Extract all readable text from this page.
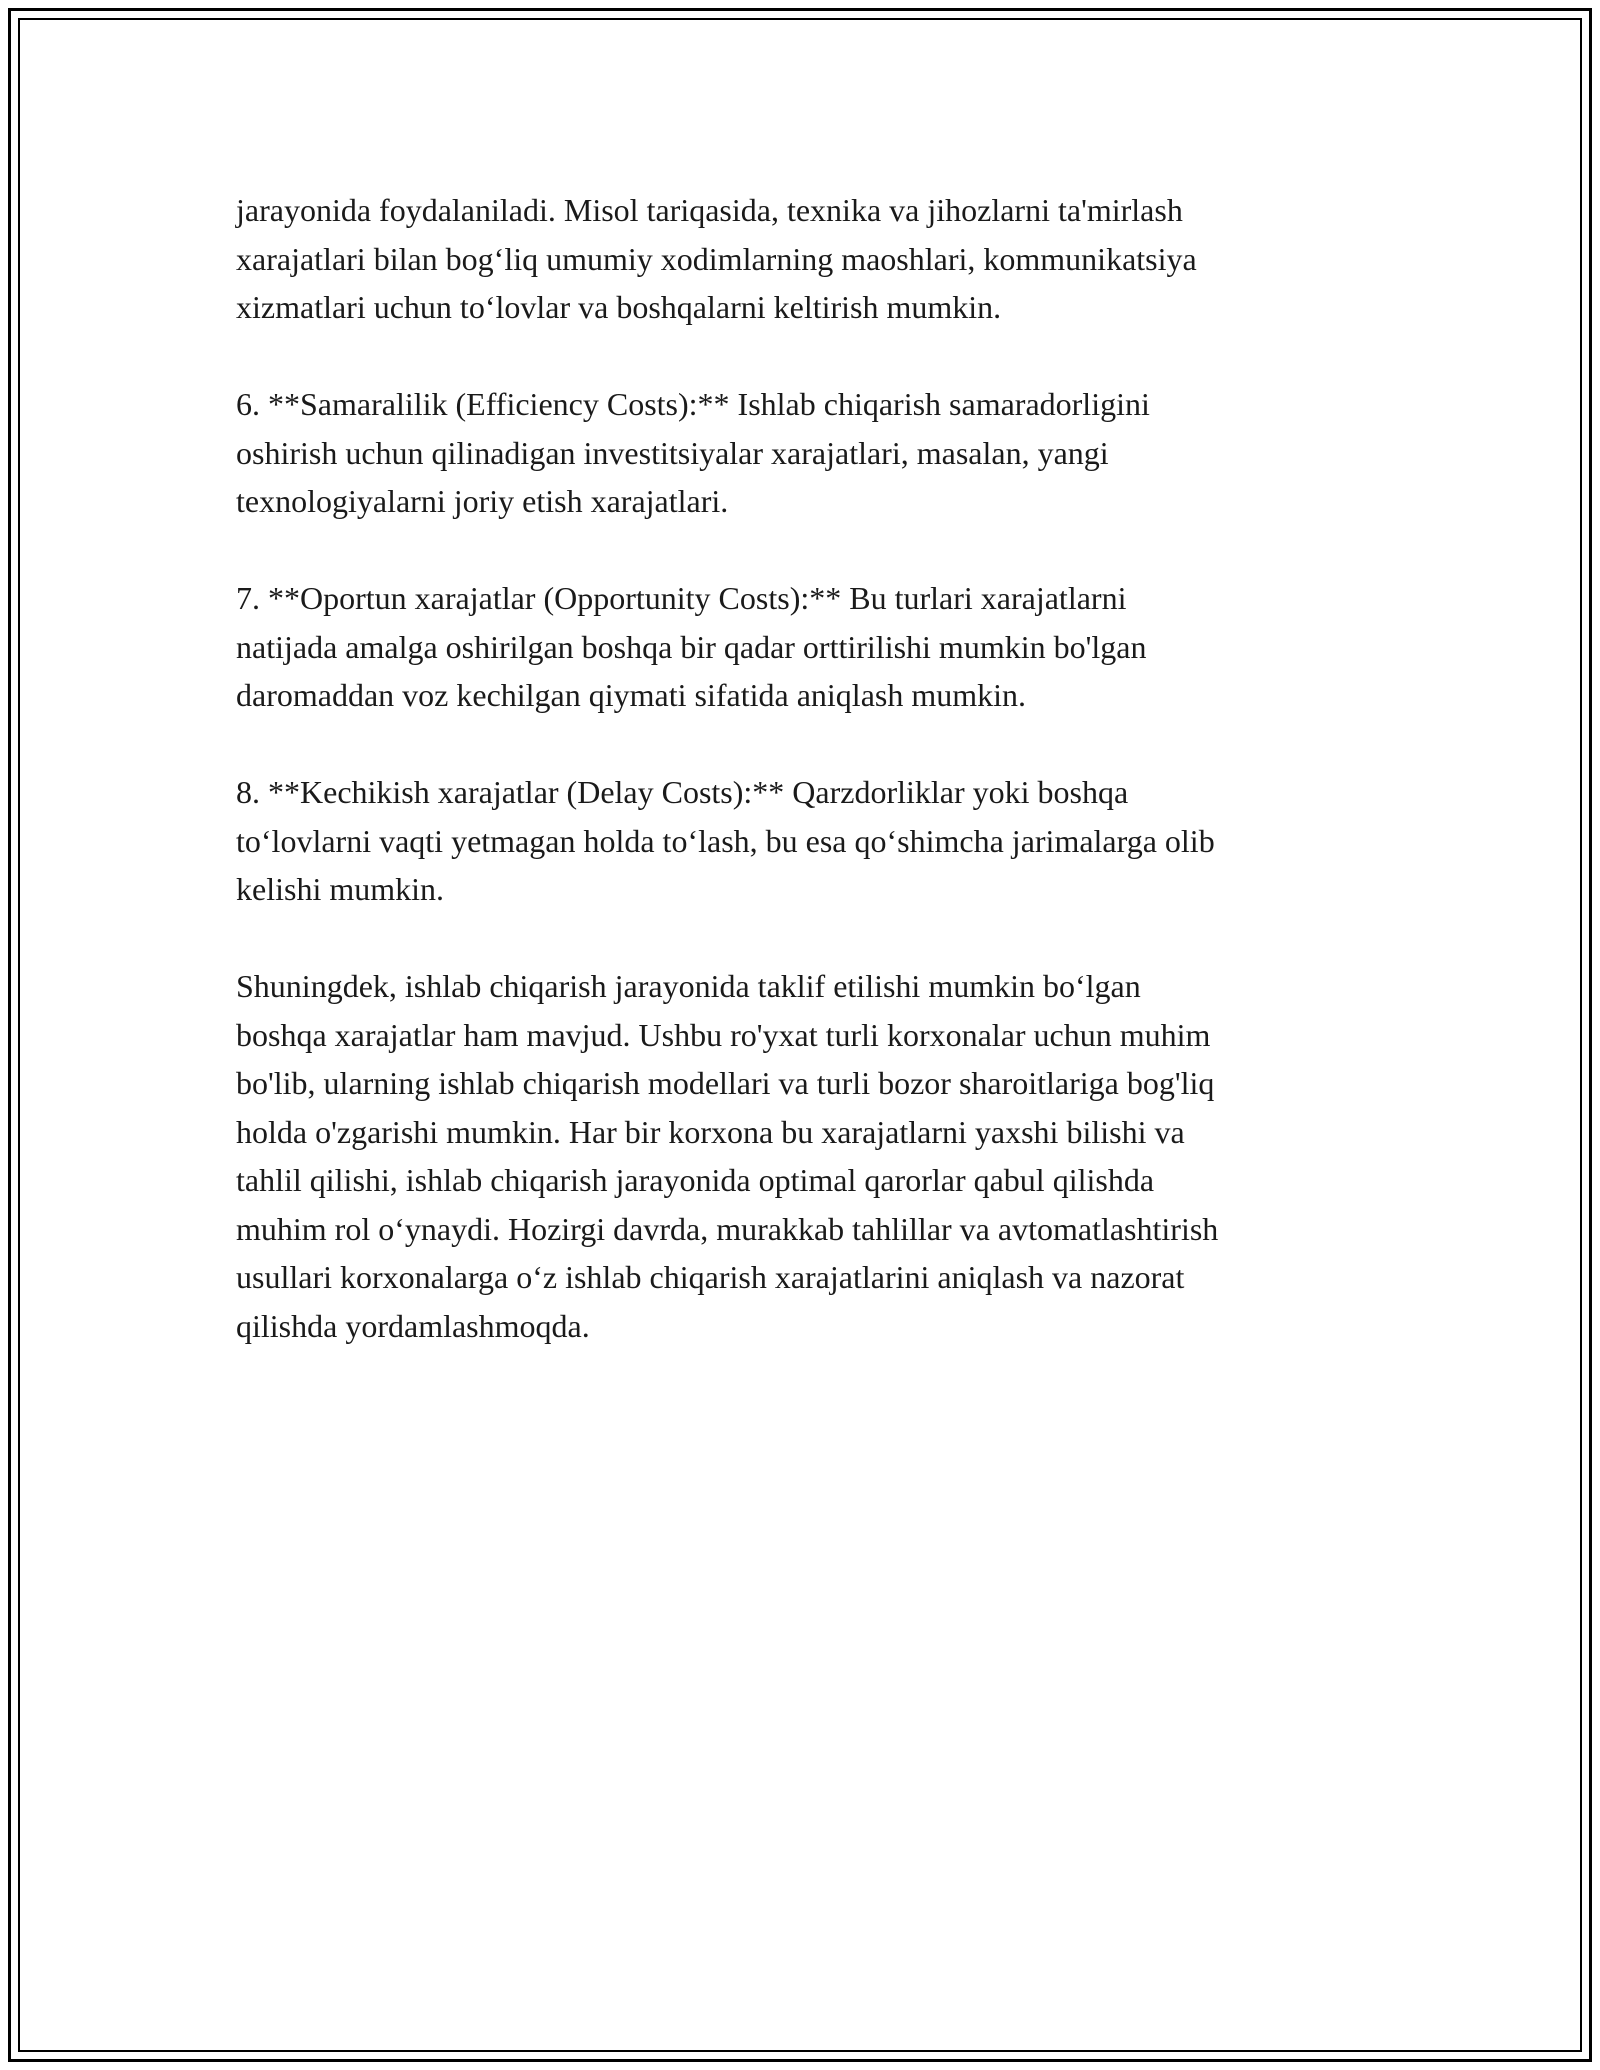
jarayonida foydalaniladi. Misol tariqasida, texnika va jihozlarni ta'mirlash
xarajatlari bilan bog‘liq umumiy xodimlarning maoshlari, kommunikatsiya
xizmatlari uchun to‘lovlar va boshqalarni keltirish mumkin.

6. **Samaralilik (Efficiency Costs):** Ishlab chiqarish samaradorligini
oshirish uchun qilinadigan investitsiyalar xarajatlari, masalan, yangi
texnologiyalarni joriy etish xarajatlari.

7. **Oportun xarajatlar (Opportunity Costs):** Bu turlari xarajatlarni
natijada amalga oshirilgan boshqa bir qadar orttirilishi mumkin bo'lgan
daromaddan voz kechilgan qiymati sifatida aniqlash mumkin.

8. **Kechikish xarajatlar (Delay Costs):** Qarzdorliklar yoki boshqa
to‘lovlarni vaqti yetmagan holda to‘lash, bu esa qo‘shimcha jarimalarga olib
kelishi mumkin.

Shuningdek, ishlab chiqarish jarayonida taklif etilishi mumkin bo‘lgan
boshqa xarajatlar ham mavjud. Ushbu ro'yxat turli korxonalar uchun muhim
bo'lib, ularning ishlab chiqarish modellari va turli bozor sharoitlariga bog'liq
holda o'zgarishi mumkin. Har bir korxona bu xarajatlarni yaxshi bilishi va
tahlil qilishi, ishlab chiqarish jarayonida optimal qarorlar qabul qilishda
muhim rol o‘ynaydi. Hozirgi davrda, murakkab tahlillar va avtomatlashtirish
usullari korxonalarga o‘z ishlab chiqarish xarajatlarini aniqlash va nazorat
qilishda yordamlashmoqda.
